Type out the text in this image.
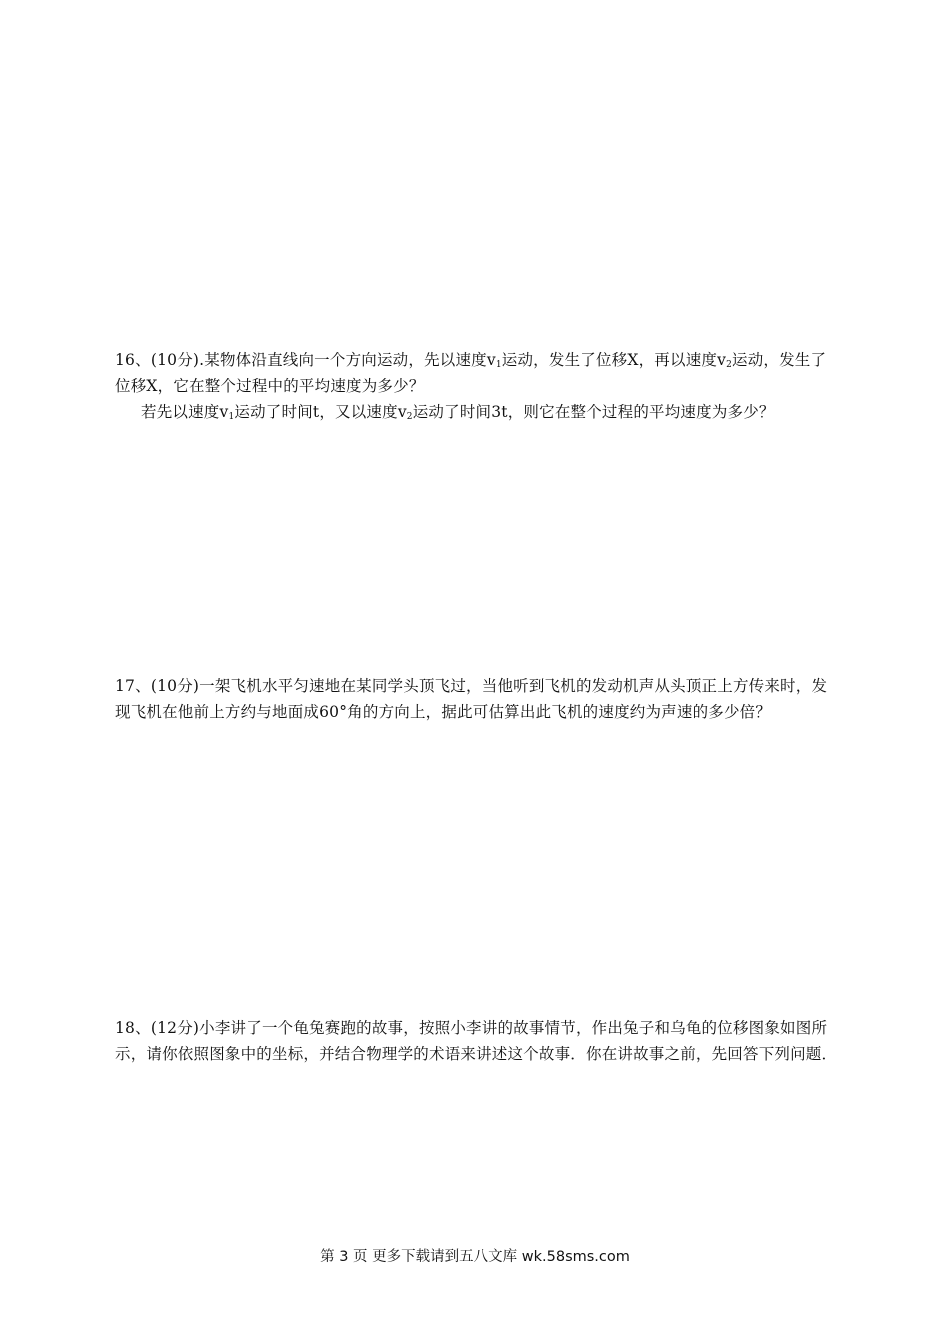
16、(10分).某物体沿直线向一个方向运动，先以速度$v_1$运动，发生了位移X，再以速度$v_2$运动，发生了位移X，它在整个过程中的平均速度为多少？

若先以速度$v_1$运动了时间t，又以速度$v_2$运动了时间3t，则它在整个过程的平均速度为多少？

17、(10分)一架飞机水平匀速地在某同学头顶飞过，当他听到飞机的发动机声从头顶正上方传来时，发现飞机在他前上方约与地面成60°角的方向上，据此可估算出此飞机的速度约为声速的多少倍？

18、(12分)小李讲了一个龟兔赛跑的故事，按照小李讲的故事情节，作出兔子和乌龟的位移图象如图所示，请你依照图象中的坐标，并结合物理学的术语来讲述这个故事．你在讲故事之前，先回答下列问题．

第 3 页 更多下载请到五八文库 wk.58sms.com
